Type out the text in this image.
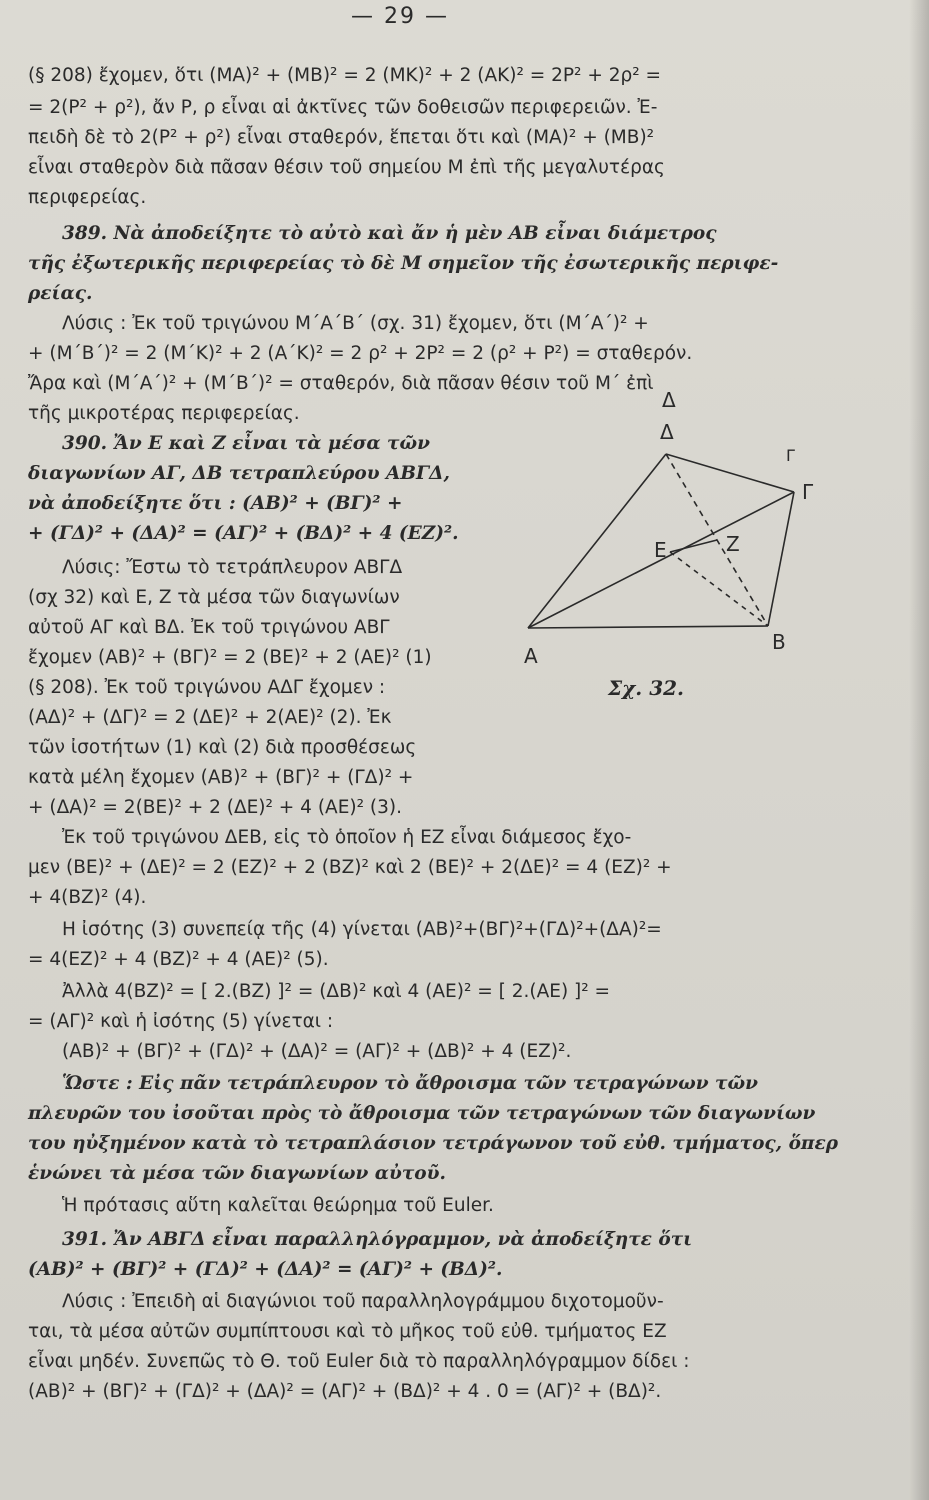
— 29 —
(§ 208) ἔχομεν, ὅτι (ΜΑ)² + (ΜΒ)² = 2 (ΜΚ)² + 2 (ΑΚ)² = 2Ρ² + 2ρ² =
= 2(Ρ² + ρ²), ἄν Ρ, ρ εἶναι αἱ ἀκτῖνες τῶν δοθεισῶν περιφερειῶν. Ἐ-
πειδὴ δὲ τὸ 2(Ρ² + ρ²) εἶναι σταθερόν, ἕπεται ὅτι καὶ (ΜΑ)² + (ΜΒ)²
εἶναι σταθερὸν διὰ πᾶσαν θέσιν τοῦ σημείου Μ ἐπὶ τῆς μεγαλυτέρας
περιφερείας.
389. Νὰ ἀποδείξητε τὸ αὐτὸ καὶ ἄν ἡ μὲν ΑΒ εἶναι διάμετρος
τῆς ἐξωτερικῆς περιφερείας τὸ δὲ Μ σημεῖον τῆς ἐσωτερικῆς περιφε-
ρείας.
Λύσις : Ἐκ τοῦ τριγώνου Μ΄Α΄Β΄ (σχ. 31) ἔχομεν, ὅτι (Μ΄Α΄)² +
+ (Μ΄Β΄)² = 2 (Μ΄Κ)² + 2 (Α΄Κ)² = 2 ρ² + 2Ρ² = 2 (ρ² + Ρ²) = σταθερόν.
Ἄρα καὶ (Μ΄Α΄)² + (Μ΄Β΄)² = σταθερόν, διὰ πᾶσαν θέσιν τοῦ Μ΄ ἐπὶ
τῆς μικροτέρας περιφερείας.
390. Ἄν Ε καὶ Ζ εἶναι τὰ μέσα τῶν
διαγωνίων ΑΓ, ΔΒ τετραπλεύρου ΑΒΓΔ,
νὰ ἀποδείξητε ὅτι : (ΑΒ)² + (ΒΓ)² +
+ (ΓΔ)² + (ΔΑ)² = (ΑΓ)² + (ΒΔ)² + 4 (ΕΖ)².
Λύσις: Ἔστω τὸ τετράπλευρον ΑΒΓΔ
(σχ 32) καὶ Ε, Ζ τὰ μέσα τῶν διαγωνίων
αὐτοῦ ΑΓ καὶ ΒΔ. Ἐκ τοῦ τριγώνου ΑΒΓ
ἔχομεν (ΑΒ)² + (ΒΓ)² = 2 (ΒΕ)² + 2 (ΑΕ)² (1)
(§ 208). Ἐκ τοῦ τριγώνου ΑΔΓ ἔχομεν :
(ΑΔ)² + (ΔΓ)² = 2 (ΔΕ)² + 2(ΑΕ)² (2). Ἐκ
τῶν ἰσοτήτων (1) καὶ (2) διὰ προσθέσεως
κατὰ μέλη ἔχομεν (ΑΒ)² + (ΒΓ)² + (ΓΔ)² +
+ (ΔΑ)² = 2(ΒΕ)² + 2 (ΔΕ)² + 4 (ΑΕ)² (3).
Ἐκ τοῦ τριγώνου ΔΕΒ, εἰς τὸ ὁποῖον ἡ ΕΖ εἶναι διάμεσος ἔχο-
μεν (ΒΕ)² + (ΔΕ)² = 2 (ΕΖ)² + 2 (ΒΖ)² καὶ 2 (ΒΕ)² + 2(ΔΕ)² = 4 (ΕΖ)² +
+ 4(ΒΖ)² (4).
Η ἰσότης (3) συνεπείᾳ τῆς (4) γίνεται (ΑΒ)²+(ΒΓ)²+(ΓΔ)²+(ΔΑ)²=
= 4(ΕΖ)² + 4 (ΒΖ)² + 4 (ΑΕ)² (5).
Ἀλλὰ 4(ΒΖ)² = [ 2.(ΒΖ) ]² = (ΔΒ)² καὶ 4 (ΑΕ)² = [ 2.(ΑΕ) ]² =
= (ΑΓ)² καὶ ἡ ἰσότης (5) γίνεται :
(ΑΒ)² + (ΒΓ)² + (ΓΔ)² + (ΔΑ)² = (ΑΓ)² + (ΔΒ)² + 4 (ΕΖ)².
Ὥστε : Εἰς πᾶν τετράπλευρον τὸ ἄθροισμα τῶν τετραγώνων τῶν
πλευρῶν του ἰσοῦται πρὸς τὸ ἄθροισμα τῶν τετραγώνων τῶν διαγωνίων
του ηὐξημένον κατὰ τὸ τετραπλάσιον τετράγωνον τοῦ εὐθ. τμήματος, ὅπερ
ἑνώνει τὰ μέσα τῶν διαγωνίων αὐτοῦ.
Ἡ πρότασις αὕτη καλεῖται θεώρημα τοῦ Euler.
391. Ἄν ΑΒΓΔ εἶναι παραλληλόγραμμον, νὰ ἀποδείξητε ὅτι
(ΑΒ)² + (ΒΓ)² + (ΓΔ)² + (ΔΑ)² = (ΑΓ)² + (ΒΔ)².
Λύσις : Ἐπειδὴ αἱ διαγώνιοι τοῦ παραλληλογράμμου διχοτομοῦν-
ται, τὰ μέσα αὐτῶν συμπίπτουσι καὶ τὸ μῆκος τοῦ εὐθ. τμήματος ΕΖ
εἶναι μηδέν. Συνεπῶς τὸ Θ. τοῦ Euler διὰ τὸ παραλληλόγραμμον δίδει :
(ΑΒ)² + (ΒΓ)² + (ΓΔ)² + (ΔΑ)² = (ΑΓ)² + (ΒΔ)² + 4 . 0 = (ΑΓ)² + (ΒΔ)².
Δ
Δ
Γ
Γ
Ε	Ζ
Β
Α
Σχ. 32.
